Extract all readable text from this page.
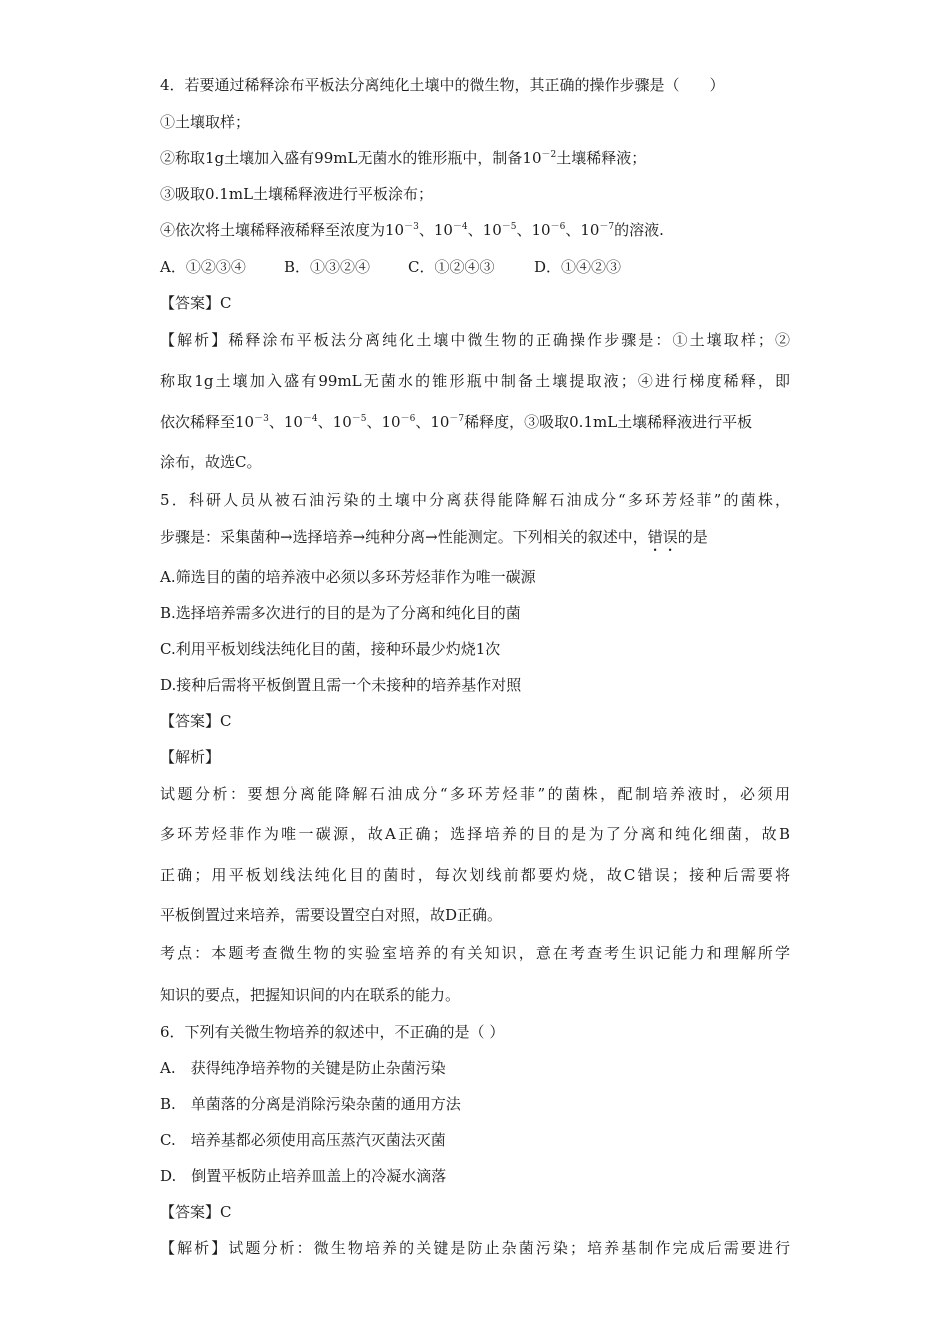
4．若要通过稀释涂布平板法分离纯化土壤中的微生物，其正确的操作步骤是（　　）
①土壤取样；
②称取1g土壤加入盛有99mL无菌水的锥形瓶中，制备$10^{-2}$土壤稀释液；
③吸取0.1mL土壤稀释液进行平板涂布；
④依次将土壤稀释液稀释至浓度为$10^{-3}$、$10^{-4}$、$10^{-5}$、$10^{-6}$、$10^{-7}$的溶液.
A．①②③④	B．①③②④	C．①②④③	D．①④②③
【答案】C
【解析】稀释涂布平板法分离纯化土壤中微生物的正确操作步骤是：①土壤取样；②
称取1g土壤加入盛有99mL无菌水的锥形瓶中制备土壤提取液；④进行梯度稀释，即
依次稀释至$10^{-3}$、$10^{-4}$、$10^{-5}$、$10^{-6}$、$10^{-7}$稀释度，③吸取0.1mL土壤稀释液进行平板
涂布，故选C。
5．科研人员从被石油污染的土壤中分离获得能降解石油成分“多环芳烃菲”的菌株，
步骤是：采集菌种→选择培养→纯种分离→性能测定。下列相关的叙述中，错误的是
A.筛选目的菌的培养液中必须以多环芳烃菲作为唯一碳源
B.选择培养需多次进行的目的是为了分离和纯化目的菌
C.利用平板划线法纯化目的菌，接种环最少灼烧1次
D.接种后需将平板倒置且需一个未接种的培养基作对照
【答案】C
【解析】
试题分析：要想分离能降解石油成分“多环芳烃菲”的菌株，配制培养液时，必须用
多环芳烃菲作为唯一碳源，故A正确；选择培养的目的是为了分离和纯化细菌，故B
正确；用平板划线法纯化目的菌时，每次划线前都要灼烧，故C错误；接种后需要将
平板倒置过来培养，需要设置空白对照，故D正确。
考点：本题考查微生物的实验室培养的有关知识，意在考查考生识记能力和理解所学
知识的要点，把握知识间的内在联系的能力。
6．下列有关微生物培养的叙述中，不正确的是（ ）
A.　获得纯净培养物的关键是防止杂菌污染
B.　单菌落的分离是消除污染杂菌的通用方法
C.　培养基都必须使用高压蒸汽灭菌法灭菌
D.　倒置平板防止培养皿盖上的冷凝水滴落
【答案】C
【解析】试题分析：微生物培养的关键是防止杂菌污染；培养基制作完成后需要进行
